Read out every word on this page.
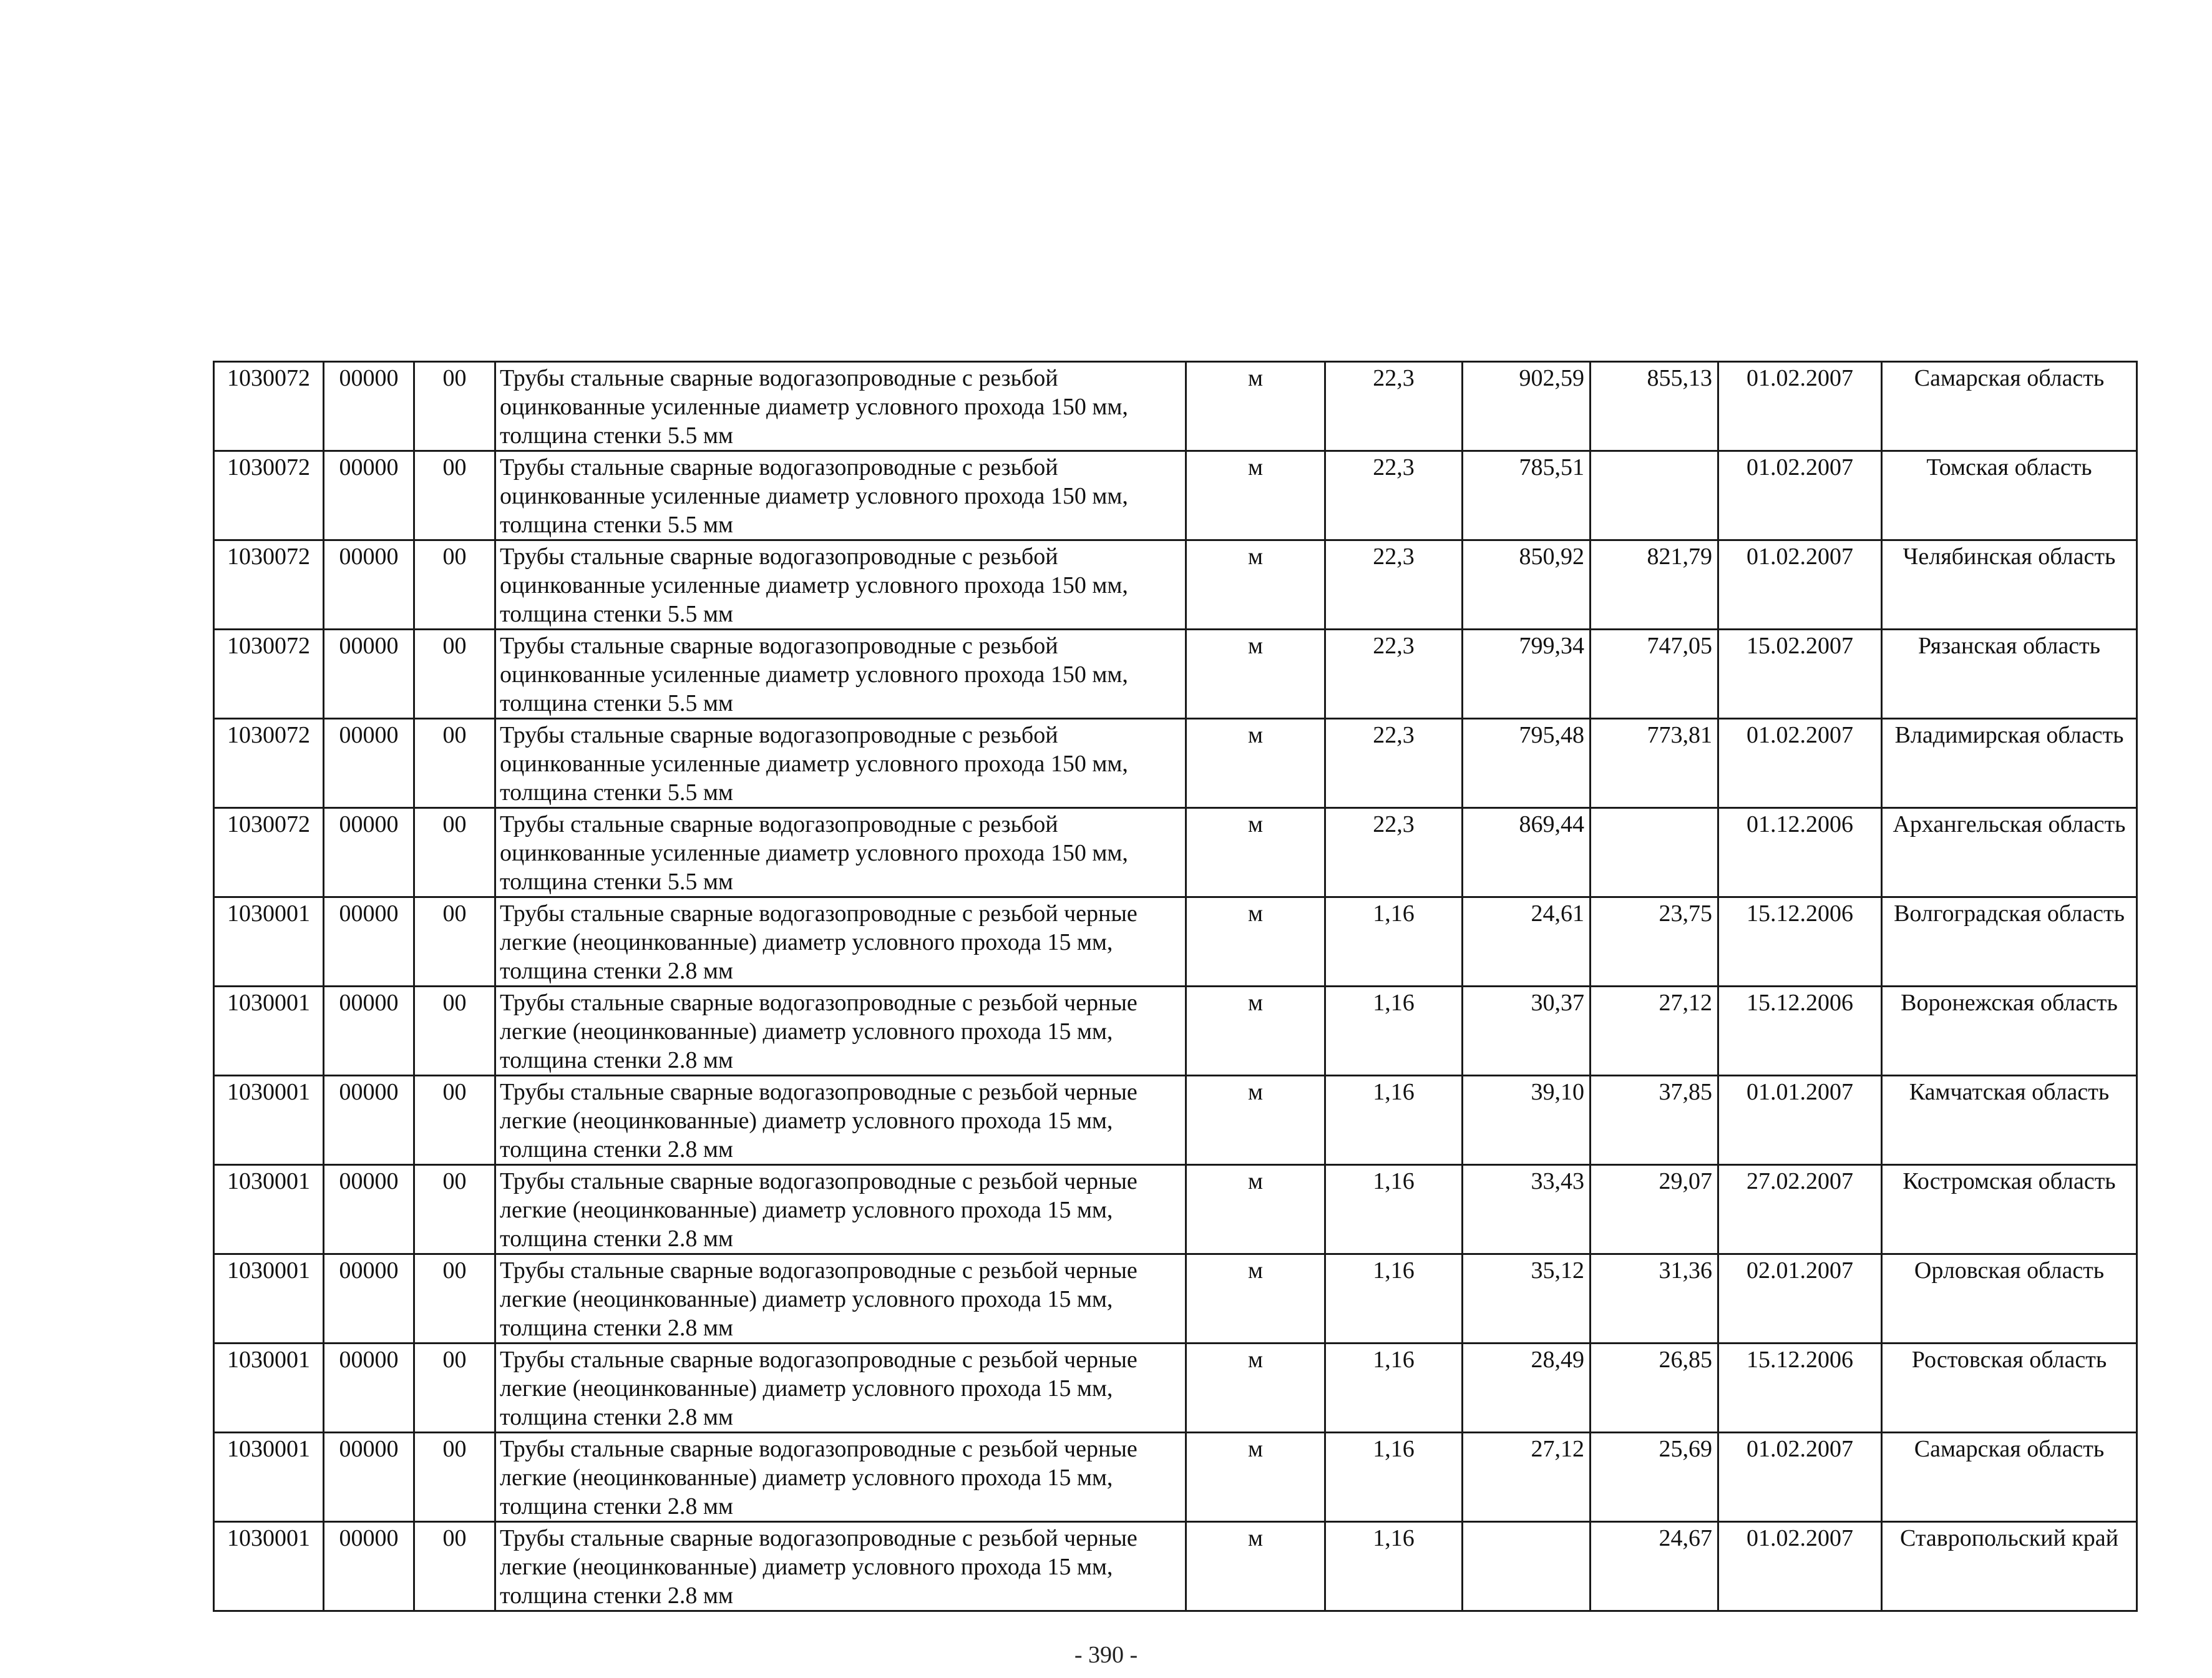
1030072	00000	00	Трубы стальные сварные водогазопроводные с резьбой оцинкованные усиленные диаметр условного прохода 150 мм, толщина стенки 5.5 мм	м	22,3	902,59	855,13	01.02.2007	Самарская область
1030072	00000	00	Трубы стальные сварные водогазопроводные с резьбой оцинкованные усиленные диаметр условного прохода 150 мм, толщина стенки 5.5 мм	м	22,3	785,51		01.02.2007	Томская область
1030072	00000	00	Трубы стальные сварные водогазопроводные с резьбой оцинкованные усиленные диаметр условного прохода 150 мм, толщина стенки 5.5 мм	м	22,3	850,92	821,79	01.02.2007	Челябинская область
1030072	00000	00	Трубы стальные сварные водогазопроводные с резьбой оцинкованные усиленные диаметр условного прохода 150 мм, толщина стенки 5.5 мм	м	22,3	799,34	747,05	15.02.2007	Рязанская область
1030072	00000	00	Трубы стальные сварные водогазопроводные с резьбой оцинкованные усиленные диаметр условного прохода 150 мм, толщина стенки 5.5 мм	м	22,3	795,48	773,81	01.02.2007	Владимирская область
1030072	00000	00	Трубы стальные сварные водогазопроводные с резьбой оцинкованные усиленные диаметр условного прохода 150 мм, толщина стенки 5.5 мм	м	22,3	869,44		01.12.2006	Архангельская область
1030001	00000	00	Трубы стальные сварные водогазопроводные с резьбой черные легкие (неоцинкованные) диаметр условного прохода 15 мм, толщина стенки 2.8 мм	м	1,16	24,61	23,75	15.12.2006	Волгоградская область
1030001	00000	00	Трубы стальные сварные водогазопроводные с резьбой черные легкие (неоцинкованные) диаметр условного прохода 15 мм, толщина стенки 2.8 мм	м	1,16	30,37	27,12	15.12.2006	Воронежская область
1030001	00000	00	Трубы стальные сварные водогазопроводные с резьбой черные легкие (неоцинкованные) диаметр условного прохода 15 мм, толщина стенки 2.8 мм	м	1,16	39,10	37,85	01.01.2007	Камчатская область
1030001	00000	00	Трубы стальные сварные водогазопроводные с резьбой черные легкие (неоцинкованные) диаметр условного прохода 15 мм, толщина стенки 2.8 мм	м	1,16	33,43	29,07	27.02.2007	Костромская область
1030001	00000	00	Трубы стальные сварные водогазопроводные с резьбой черные легкие (неоцинкованные) диаметр условного прохода 15 мм, толщина стенки 2.8 мм	м	1,16	35,12	31,36	02.01.2007	Орловская область
1030001	00000	00	Трубы стальные сварные водогазопроводные с резьбой черные легкие (неоцинкованные) диаметр условного прохода 15 мм, толщина стенки 2.8 мм	м	1,16	28,49	26,85	15.12.2006	Ростовская область
1030001	00000	00	Трубы стальные сварные водогазопроводные с резьбой черные легкие (неоцинкованные) диаметр условного прохода 15 мм, толщина стенки 2.8 мм	м	1,16	27,12	25,69	01.02.2007	Самарская область
1030001	00000	00	Трубы стальные сварные водогазопроводные с резьбой черные легкие (неоцинкованные) диаметр условного прохода 15 мм, толщина стенки 2.8 мм	м	1,16		24,67	01.02.2007	Ставропольский край
- 390 -
